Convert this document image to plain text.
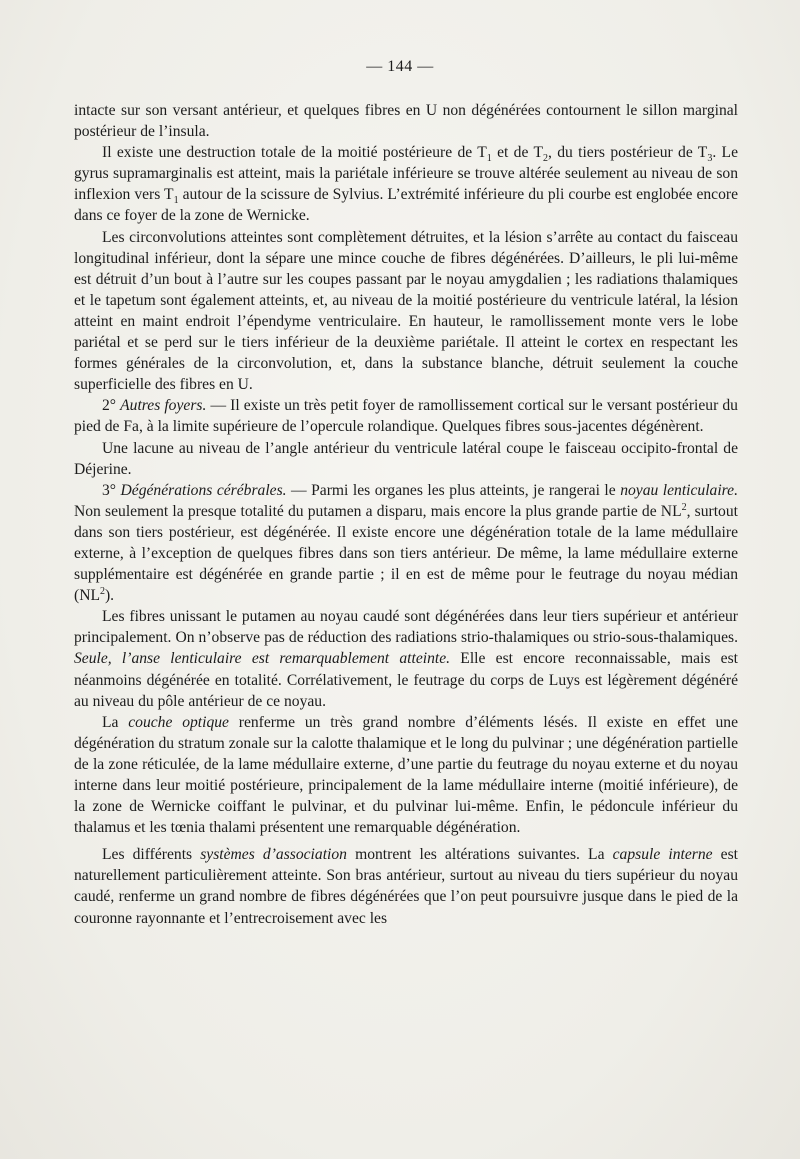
— 144 —

intacte sur son versant antérieur, et quelques fibres en U non dégénérées contournent le sillon marginal postérieur de l’insula.

Il existe une destruction totale de la moitié postérieure de $T_1$ et de $T_2$, du tiers postérieur de $T_3$. Le gyrus supramarginalis est atteint, mais la pariétale inférieure se trouve altérée seulement au niveau de son inflexion vers $T_1$ autour de la scissure de Sylvius. L’extrémité inférieure du pli courbe est englobée encore dans ce foyer de la zone de Wernicke.

Les circonvolutions atteintes sont complètement détruites, et la lésion s’arrête au contact du faisceau longitudinal inférieur, dont la sépare une mince couche de fibres dégénérées. D’ailleurs, le pli lui-même est détruit d’un bout à l’autre sur les coupes passant par le noyau amygdalien ; les radiations thalamiques et le tapetum sont également atteints, et, au niveau de la moitié postérieure du ventricule latéral, la lésion atteint en maint endroit l’épendyme ventriculaire. En hauteur, le ramollissement monte vers le lobe pariétal et se perd sur le tiers inférieur de la deuxième pariétale. Il atteint le cortex en respectant les formes générales de la circonvolution, et, dans la substance blanche, détruit seulement la couche superficielle des fibres en U.

2° Autres foyers. — Il existe un très petit foyer de ramollissement cortical sur le versant postérieur du pied de Fa, à la limite supérieure de l’opercule rolandique. Quelques fibres sous-jacentes dégénèrent.

Une lacune au niveau de l’angle antérieur du ventricule latéral coupe le faisceau occipito-frontal de Déjerine.

3° Dégénérations cérébrales. — Parmi les organes les plus atteints, je rangerai le noyau lenticulaire. Non seulement la presque totalité du putamen a disparu, mais encore la plus grande partie de $NL^2$, surtout dans son tiers postérieur, est dégénérée. Il existe encore une dégénération totale de la lame médullaire externe, à l’exception de quelques fibres dans son tiers antérieur. De même, la lame médullaire externe supplémentaire est dégénérée en grande partie ; il en est de même pour le feutrage du noyau médian $(NL^2)$.

Les fibres unissant le putamen au noyau caudé sont dégénérées dans leur tiers supérieur et antérieur principalement. On n’observe pas de réduction des radiations strio-thalamiques ou strio-sous-thalamiques. Seule, l’anse lenticulaire est remarquablement atteinte. Elle est encore reconnaissable, mais est néanmoins dégénérée en totalité. Corrélativement, le feutrage du corps de Luys est légèrement dégénéré au niveau du pôle antérieur de ce noyau.

La couche optique renferme un très grand nombre d’éléments lésés. Il existe en effet une dégénération du stratum zonale sur la calotte thalamique et le long du pulvinar ; une dégénération partielle de la zone réticulée, de la lame médullaire externe, d’une partie du feutrage du noyau externe et du noyau interne dans leur moitié postérieure, principalement de la lame médullaire interne (moitié inférieure), de la zone de Wernicke coiffant le pulvinar, et du pulvinar lui-même. Enfin, le pédoncule inférieur du thalamus et les tœnia thalami présentent une remarquable dégénération.

Les différents systèmes d’association montrent les altérations suivantes. La capsule interne est naturellement particulièrement atteinte. Son bras antérieur, surtout au niveau du tiers supérieur du noyau caudé, renferme un grand nombre de fibres dégénérées que l’on peut poursuivre jusque dans le pied de la couronne rayonnante et l’entrecroisement avec les
